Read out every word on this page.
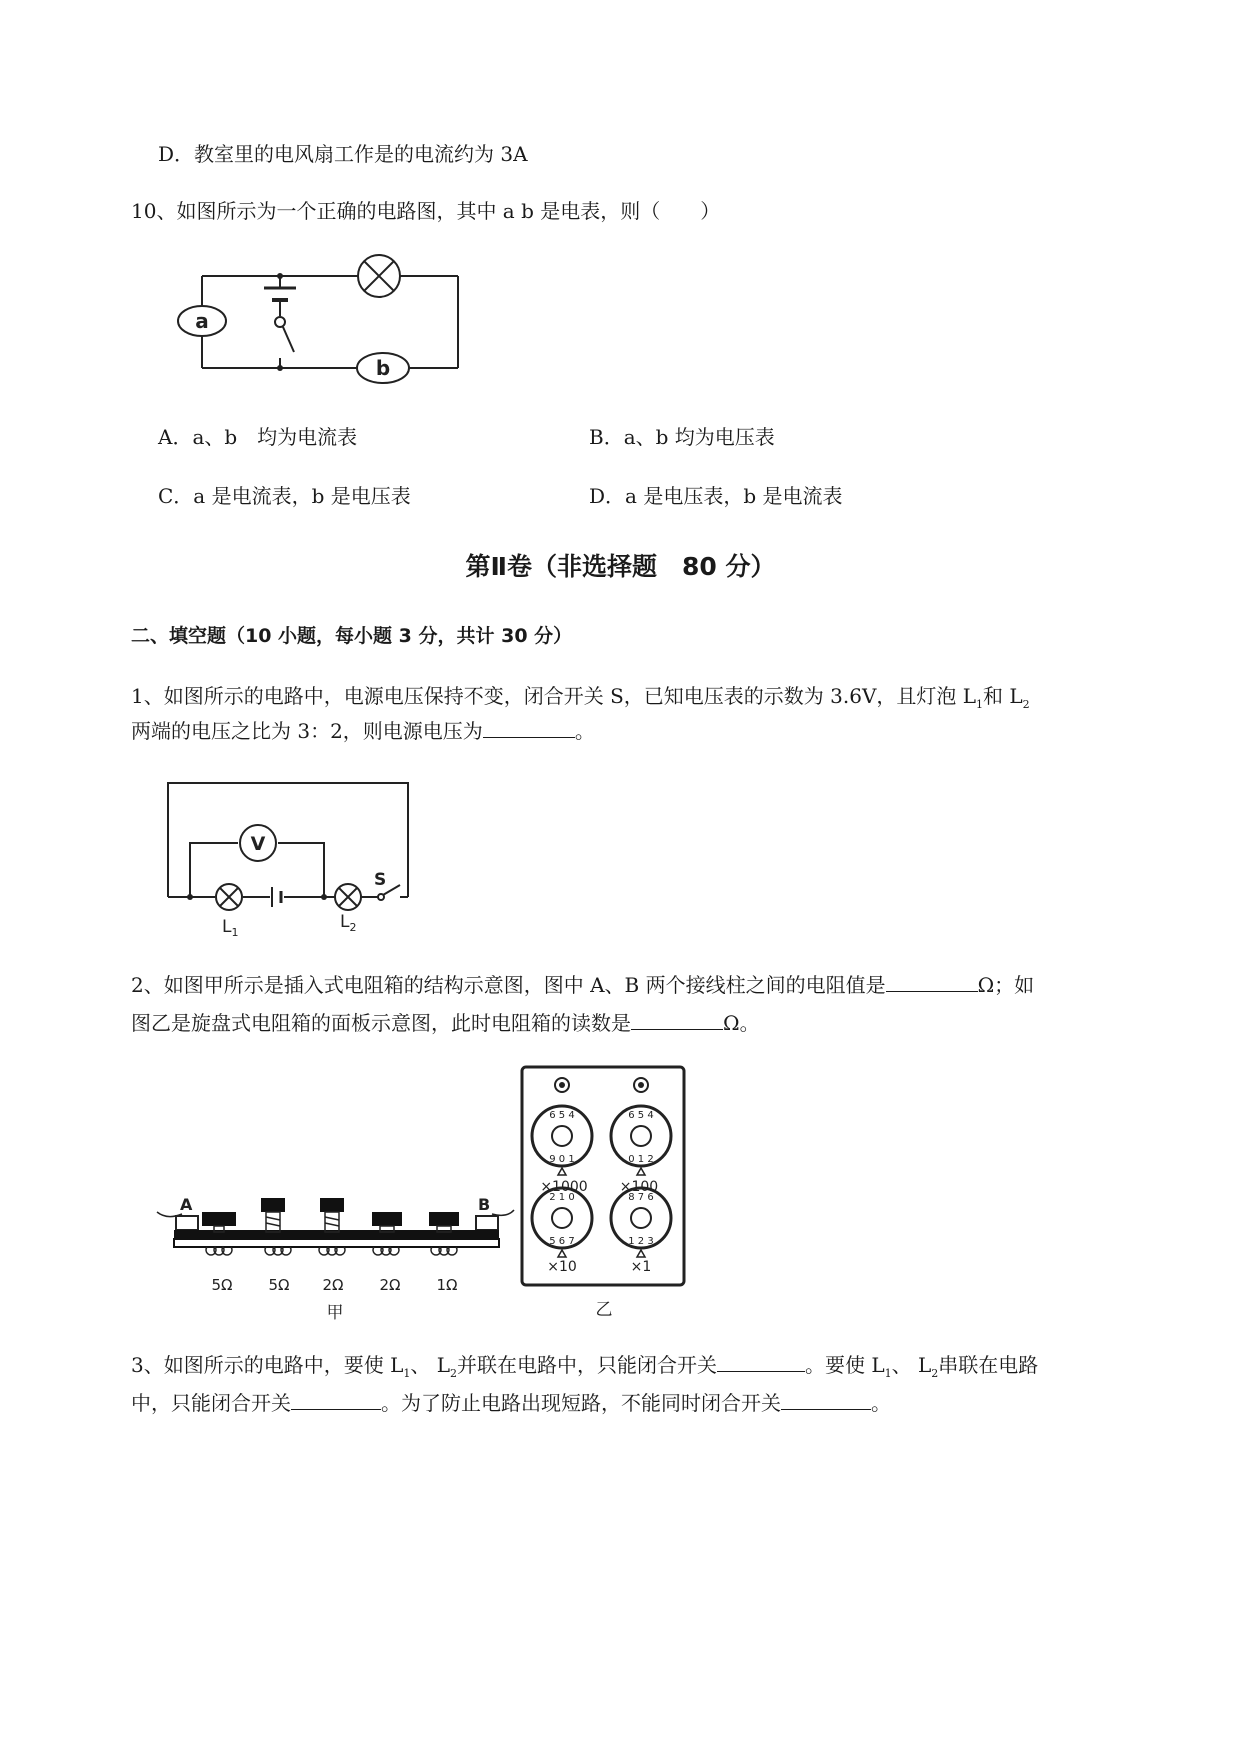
D．教室里的电风扇工作是的电流约为 3A
10、如图所示为一个正确的电路图，其中 a b 是电表，则（　　）
a
b
A．a、b　均为电流表	B．a、b 均为电压表
C．a 是电流表，b 是电压表	D．a 是电压表，b 是电流表
第Ⅱ卷（非选择题　80 分）
二、填空题（10 小题，每小题 3 分，共计 30 分）
1、如图所示的电路中，电源电压保持不变，闭合开关 S，已知电压表的示数为 3.6V，且灯泡 $L_1$和 $L_2$
两端的电压之比为 3：2，则电源电压为	。
V
$L_1$
$L_2$
S
2、如图甲所示是插入式电阻箱的结构示意图，图中 A、B 两个接线柱之间的电阻值是	Ω；如
图乙是旋盘式电阻箱的面板示意图，此时电阻箱的读数是	Ω。
A	B
5Ω 5Ω 2Ω 2Ω 1Ω
甲
6 5 4
9 0 1
6 5 4
0 1 2
2 1 0
5 6 7
8 7 6
1 2 3
×1000 ×100
×10	×1
乙
3、如图所示的电路中，要使 $L_1$、 $L_2$并联在电路中，只能闭合开关	。要使 $L_1$、 $L_2$串联在电路
中，只能闭合开关	。为了防止电路出现短路，不能同时闭合开关	。
